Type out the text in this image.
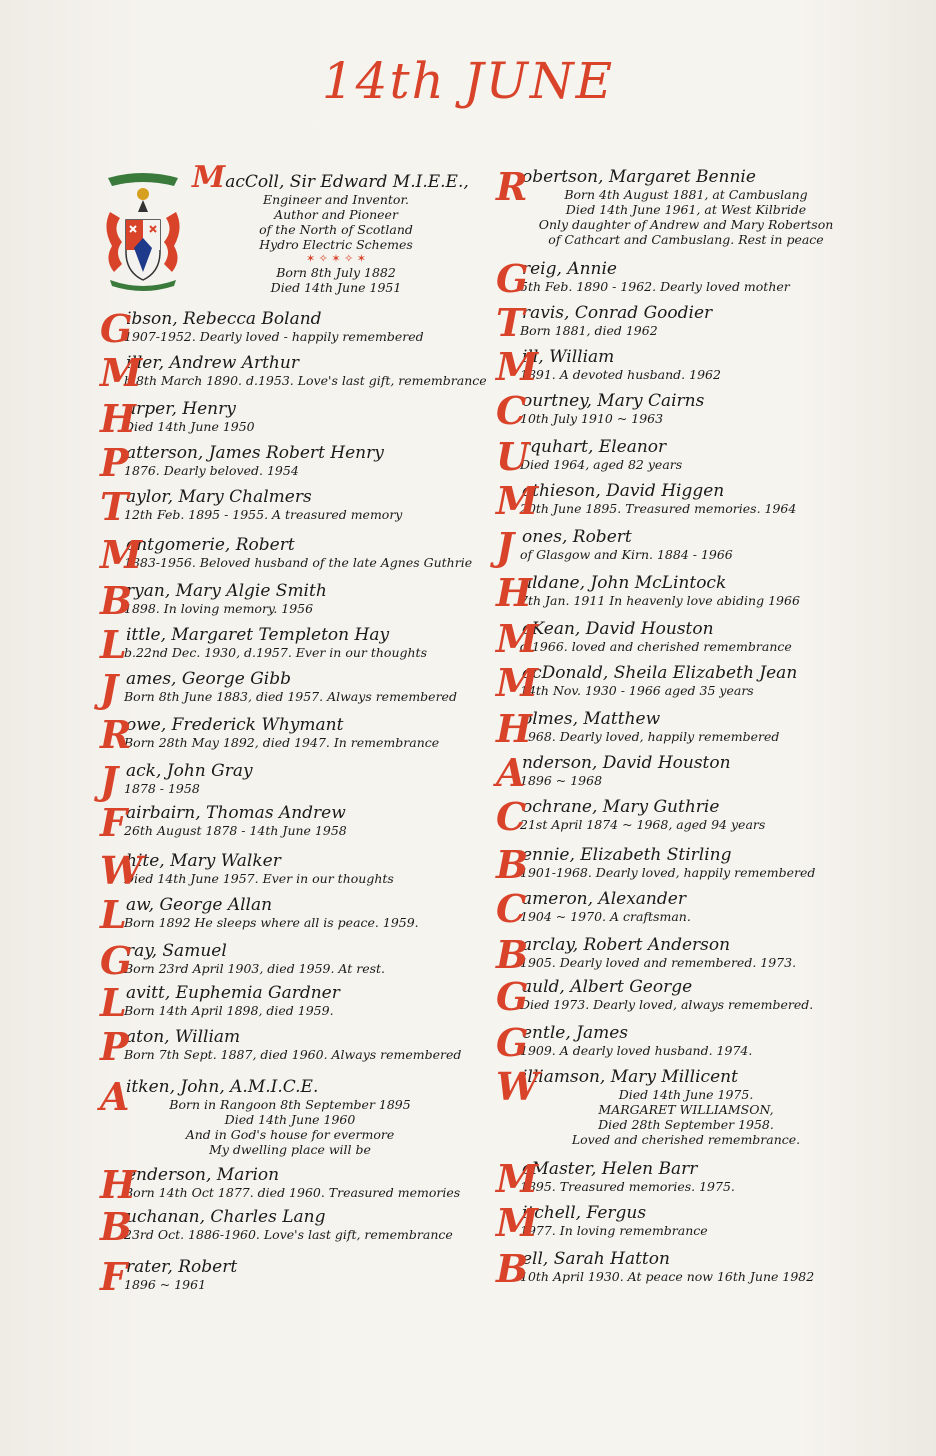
14th JUNE
MacColl, Sir Edward M.I.E.E.,
Engineer and Inventor.
Author and Pioneer
of the North of Scotland
Hydro Electric Schemes
✶ ✧ ✶ ✧ ✶
Born 8th July 1882
Died 14th June 1951
G
ibson, Rebecca Boland
1907-1952. Dearly loved - happily remembered
M
iller, Andrew Arthur
b.8th March 1890. d.1953. Love's last gift, remembrance
H
arper, Henry
Died 14th June 1950
P
atterson, James Robert Henry
1876. Dearly beloved. 1954
T
aylor, Mary Chalmers
12th Feb. 1895 - 1955. A treasured memory
M
ontgomerie, Robert
1883-1956. Beloved husband of the late Agnes Guthrie
B
ryan, Mary Algie Smith
1898. In loving memory. 1956
L ittle, Margaret Templeton Hay
b.22nd Dec. 1930, d.1957. Ever in our thoughts
J ames, George Gibb
Born 8th June 1883, died 1957. Always remembered
R
owe, Frederick Whymant
Born 28th May 1892, died 1947. In remembrance
J ack, John Gray
1878 - 1958
F airbairn, Thomas Andrew
26th August 1878 - 14th June 1958
W
hite, Mary Walker
Died 14th June 1957. Ever in our thoughts
L aw, George Allan
Born 1892 He sleeps where all is peace. 1959.
G
ray, Samuel
Born 23rd April 1903, died 1959. At rest.
L avitt, Euphemia Gardner
Born 14th April 1898, died 1959.
P
aton, William
Born 7th Sept. 1887, died 1960. Always remembered
A
itken, John, A.M.I.C.E.
Born in Rangoon 8th September 1895
Died 14th June 1960
And in God's house for evermore
My dwelling place will be
H
enderson, Marion
Born 14th Oct 1877. died 1960. Treasured memories
B
uchanan, Charles Lang
23rd Oct. 1886-1960. Love's last gift, remembrance
F rater, Robert
1896 ~ 1961
R
obertson, Margaret Bennie
Born 4th August 1881, at Cambuslang
Died 14th June 1961, at West Kilbride
Only daughter of Andrew and Mary Robertson
of Cathcart and Cambuslang. Rest in peace
G
reig, Annie
5th Feb. 1890 - 1962. Dearly loved mother
T
ravis, Conrad Goodier
Born 1881, died 1962
M
ill, William
1891. A devoted husband. 1962
C
ourtney, Mary Cairns
10th July 1910 ~ 1963
U
rquhart, Eleanor
Died 1964, aged 82 years
M
athieson, David Higgen
20th June 1895. Treasured memories. 1964
J ones, Robert
of Glasgow and Kirn. 1884 - 1966
H
aldane, John McLintock
7th Jan. 1911 In heavenly love abiding 1966
M
cKean, David Houston
d.1966. loved and cherished remembrance
M
acDonald, Sheila Elizabeth Jean
14th Nov. 1930 - 1966 aged 35 years
H
olmes, Matthew
1968. Dearly loved, happily remembered
A
nderson, David Houston
1896 ~ 1968
C
ochrane, Mary Guthrie
21st April 1874 ~ 1968, aged 94 years
B
ennie, Elizabeth Stirling
1901-1968. Dearly loved, happily remembered
C
ameron, Alexander
1904 ~ 1970. A craftsman.
B
arclay, Robert Anderson
1905. Dearly loved and remembered. 1973.
G
auld, Albert George
Died 1973. Dearly loved, always remembered.
G
entle, James
1909. A dearly loved husband. 1974.
W
illiamson, Mary Millicent
Died 14th June 1975.
MARGARET WILLIAMSON,
Died 28th September 1958.
Loved and cherished remembrance.
M
cMaster, Helen Barr
1895. Treasured memories. 1975.
M
itchell, Fergus
1977. In loving remembrance
B
ell, Sarah Hatton
10th April 1930. At peace now 16th June 1982
